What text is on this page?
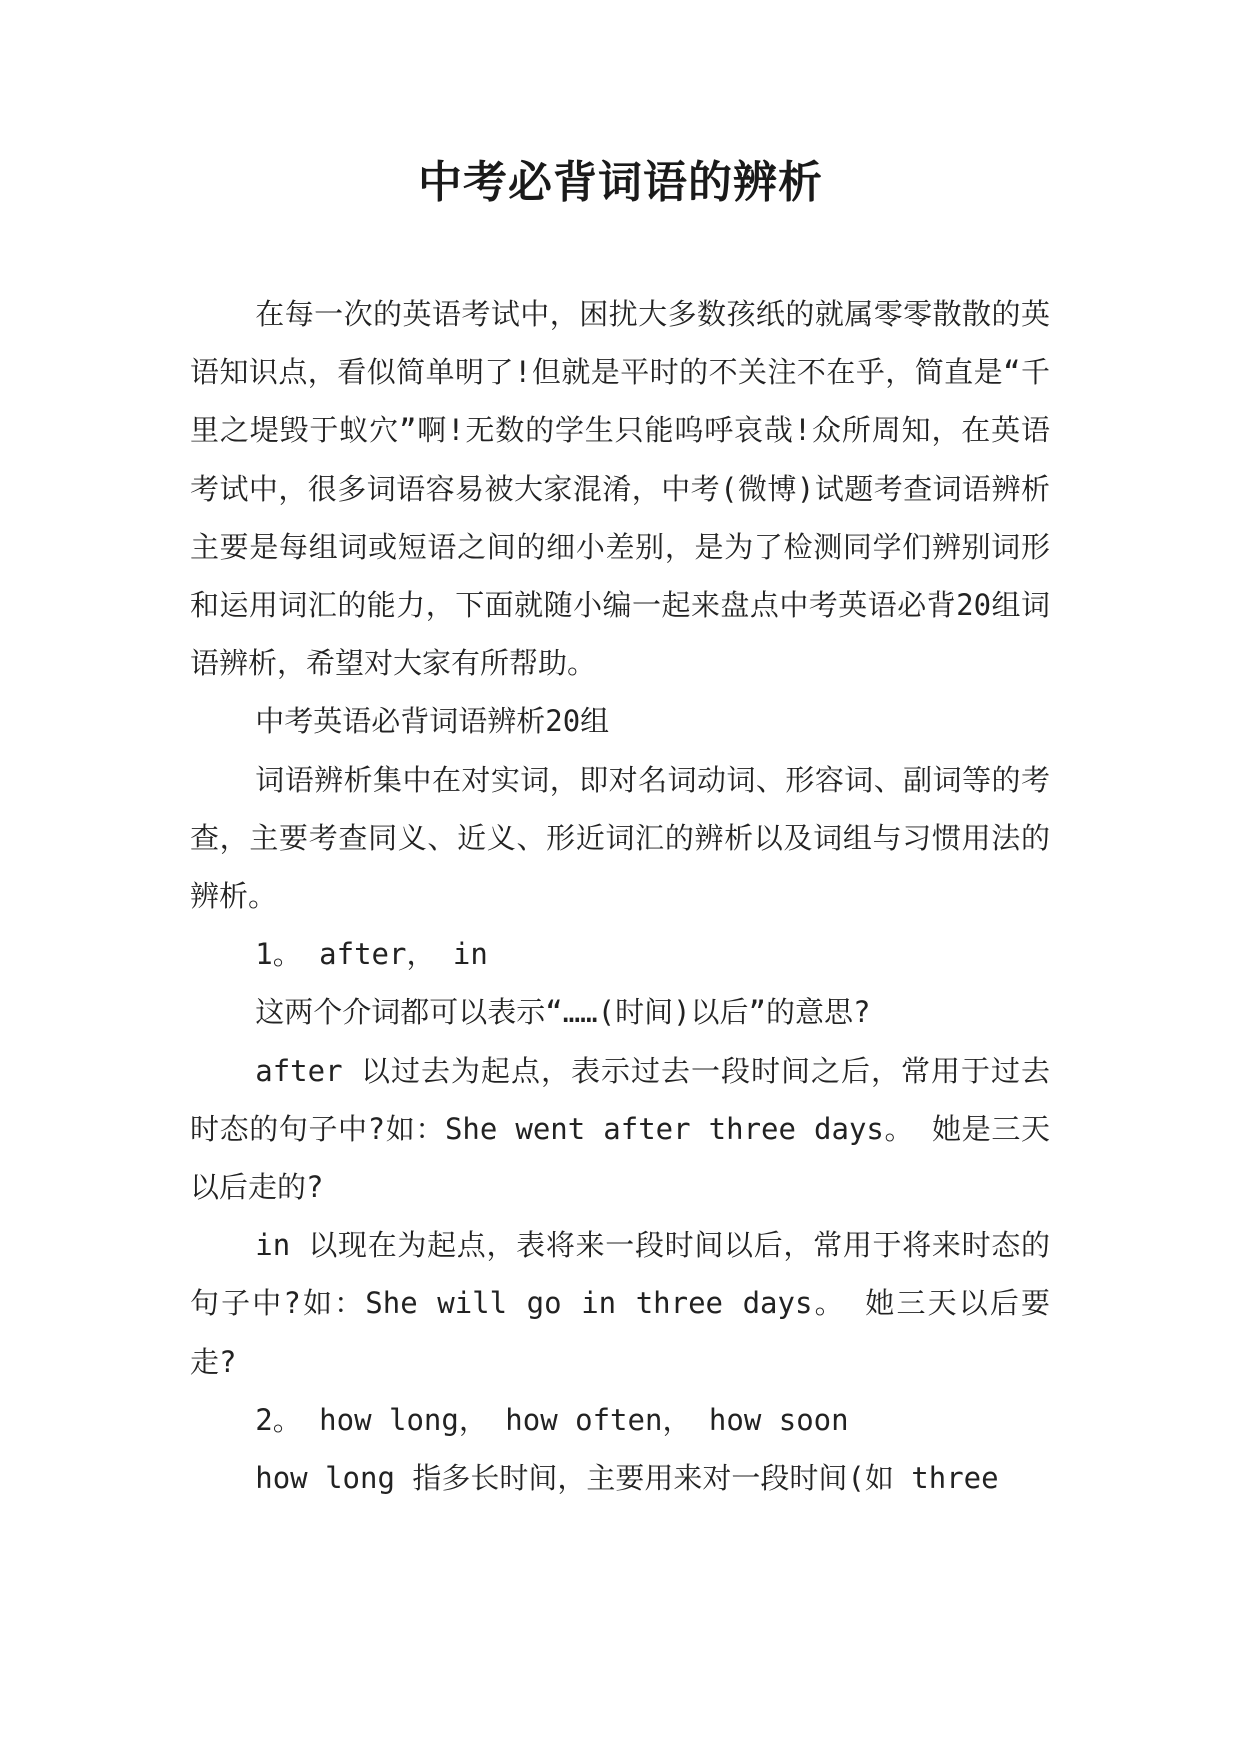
中考必背词语的辨析

在每一次的英语考试中，困扰大多数孩纸的就属零零散散的英语知识点，看似简单明了!但就是平时的不关注不在乎，简直是“千里之堤毁于蚁穴”啊!无数的学生只能呜呼哀哉!众所周知，在英语考试中，很多词语容易被大家混淆，中考(微博)试题考查词语辨析主要是每组词或短语之间的细小差别，是为了检测同学们辨别词形和运用词汇的能力，下面就随小编一起来盘点中考英语必背20组词语辨析，希望对大家有所帮助。

中考英语必背词语辨析20组

词语辨析集中在对实词，即对名词动词、形容词、副词等的考查，主要考查同义、近义、形近词汇的辨析以及词组与习惯用法的辨析。

1。 after， in

这两个介词都可以表示“……(时间)以后”的意思?

after 以过去为起点，表示过去一段时间之后，常用于过去时态的句子中?如：She went after three days。 她是三天以后走的?

in 以现在为起点，表将来一段时间以后，常用于将来时态的句子中?如：She will go in three days。 她三天以后要走?

2。 how long， how often， how soon

how long 指多长时间，主要用来对一段时间(如 three
